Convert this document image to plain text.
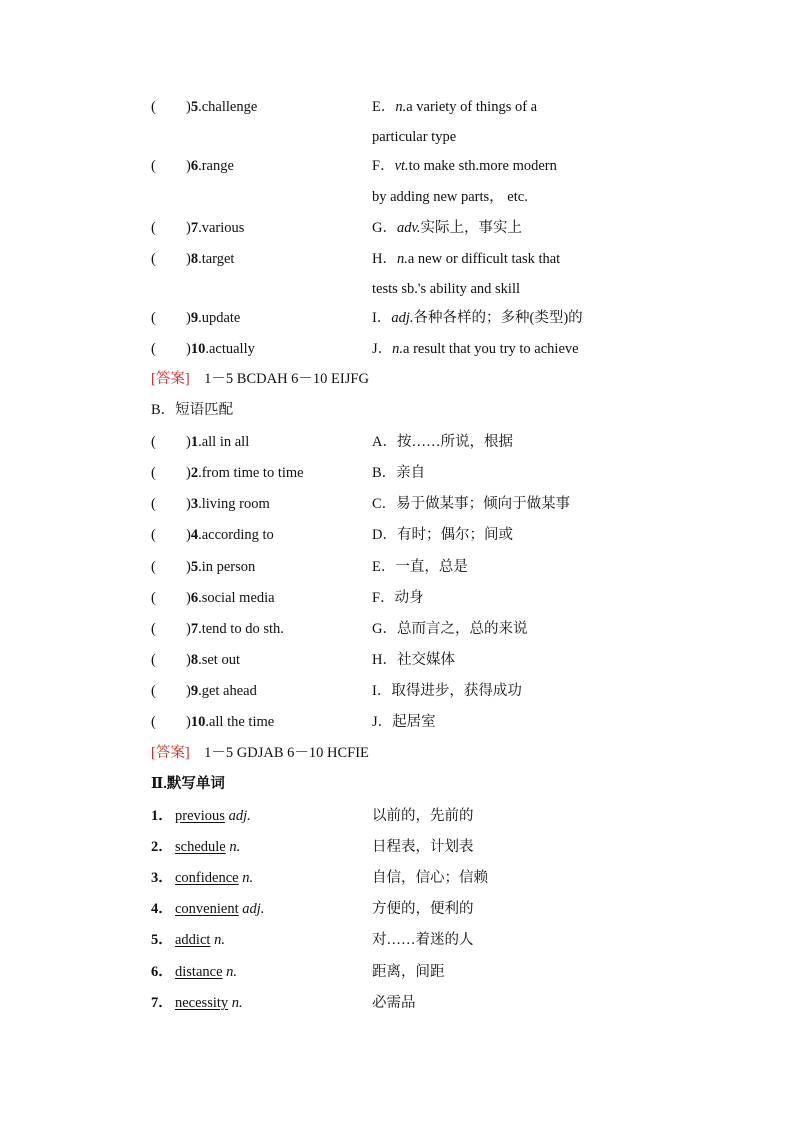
( )5.challenge	E．n.a variety of things of a
particular type
( )6.range	F．vt.to make sth.more modern
by adding new parts， etc.
( )7.various	G．adv.实际上，事实上
( )8.target	H．n.a new or difficult task that
tests sb.'s ability and skill
( )9.update	I．adj.各种各样的；多种(类型)的
( )10.actually	J．n.a result that you try to achieve
[答案] 1－5 BCDAH 6－10 EIJFG
B．短语匹配
( )1.all in all	A．按……所说，根据
( )2.from time to time	B．亲自
( )3.living room	C．易于做某事；倾向于做某事
( )4.according to	D．有时；偶尔；间或
( )5.in person	E．一直，总是
( )6.social media	F．动身
( )7.tend to do sth.	G．总而言之，总的来说
( )8.set out	H．社交媒体
( )9.get ahead	I．取得进步，获得成功
( )10.all the time	J．起居室
[答案] 1－5 GDJAB 6－10 HCFIE
Ⅱ.默写单词
1． previous adj.	以前的，先前的
2． schedule n.	日程表，计划表
3． confidence n.	自信，信心；信赖
4． convenient adj.	方便的，便利的
5． addict n.	对……着迷的人
6． distance n.	距离，间距
7． necessity n.	必需品
